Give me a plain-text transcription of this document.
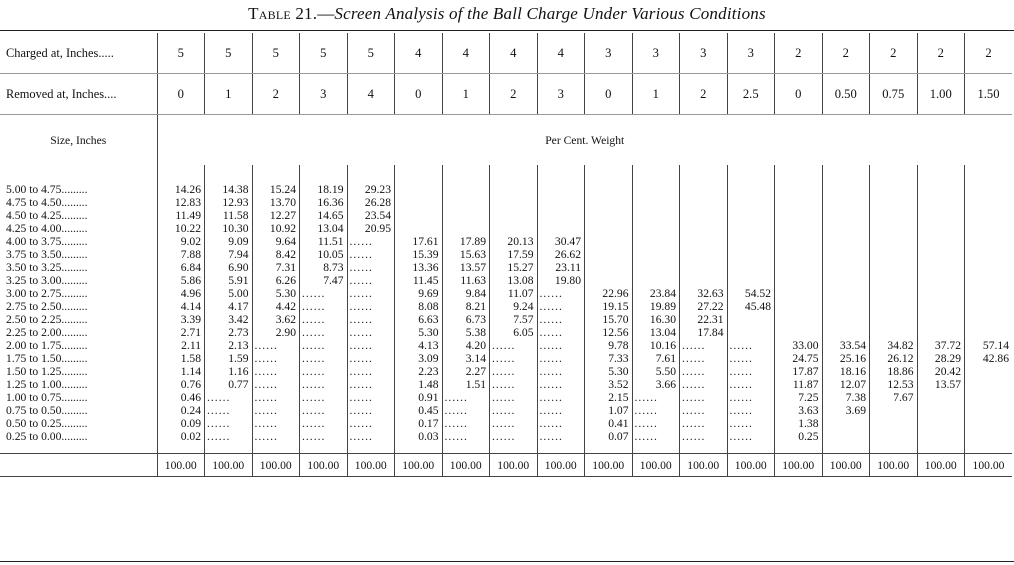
Table 21.—Screen Analysis of the Ball Charge Under Various Conditions
Charged at, Inches.....	5	5	5	5	5	4	4	4	4	3	3	3	3	2	2	2	2	2
Removed at, Inches....	0	1	2	3	4	0	1	2	3	0	1	2	2.5	0	0.50	0.75	1.00	1.50
Size, Inches	Per Cent. Weight																	

5.00 to 4.75.........	14.26	14.38	15.24	18.19	29.23													
4.75 to 4.50.........	12.83	12.93	13.70	16.36	26.28													
4.50 to 4.25.........	11.49	11.58	12.27	14.65	23.54													
4.25 to 4.00.........	10.22	10.30	10.92	13.04	20.95													
4.00 to 3.75.........	9.02	9.09	9.64	11.51	......	17.61	17.89	20.13	30.47									
3.75 to 3.50.........	7.88	7.94	8.42	10.05	......	15.39	15.63	17.59	26.62									
3.50 to 3.25.........	6.84	6.90	7.31	8.73	......	13.36	13.57	15.27	23.11									
3.25 to 3.00.........	5.86	5.91	6.26	7.47	......	11.45	11.63	13.08	19.80									
3.00 to 2.75.........	4.96	5.00	5.30	......	......	9.69	9.84	11.07	......	22.96	23.84	32.63	54.52					
2.75 to 2.50.........	4.14	4.17	4.42	......	......	8.08	8.21	9.24	......	19.15	19.89	27.22	45.48					
2.50 to 2.25.........	3.39	3.42	3.62	......	......	6.63	6.73	7.57	......	15.70	16.30	22.31						
2.25 to 2.00.........	2.71	2.73	2.90	......	......	5.30	5.38	6.05	......	12.56	13.04	17.84						
2.00 to 1.75.........	2.11	2.13	......	......	......	4.13	4.20	......	......	9.78	10.16	......	......	33.00	33.54	34.82	37.72	57.14
1.75 to 1.50.........	1.58	1.59	......	......	......	3.09	3.14	......	......	7.33	7.61	......	......	24.75	25.16	26.12	28.29	42.86
1.50 to 1.25.........	1.14	1.16	......	......	......	2.23	2.27	......	......	5.30	5.50	......	......	17.87	18.16	18.86	20.42	
1.25 to 1.00.........	0.76	0.77	......	......	......	1.48	1.51	......	......	3.52	3.66	......	......	11.87	12.07	12.53	13.57	
1.00 to 0.75.........	0.46	......	......	......	......	0.91	......	......	......	2.15	......	......	......	7.25	7.38	7.67		
0.75 to 0.50.........	0.24	......	......	......	......	0.45	......	......	......	1.07	......	......	......	3.63	3.69			
0.50 to 0.25.........	0.09	......	......	......	......	0.17	......	......	......	0.41	......	......	......	1.38				
0.25 to 0.00.........	0.02	......	......	......	......	0.03	......	......	......	0.07	......	......	......	0.25				

	100.00	100.00	100.00	100.00	100.00	100.00	100.00	100.00	100.00	100.00	100.00	100.00	100.00	100.00	100.00	100.00	100.00	100.00
